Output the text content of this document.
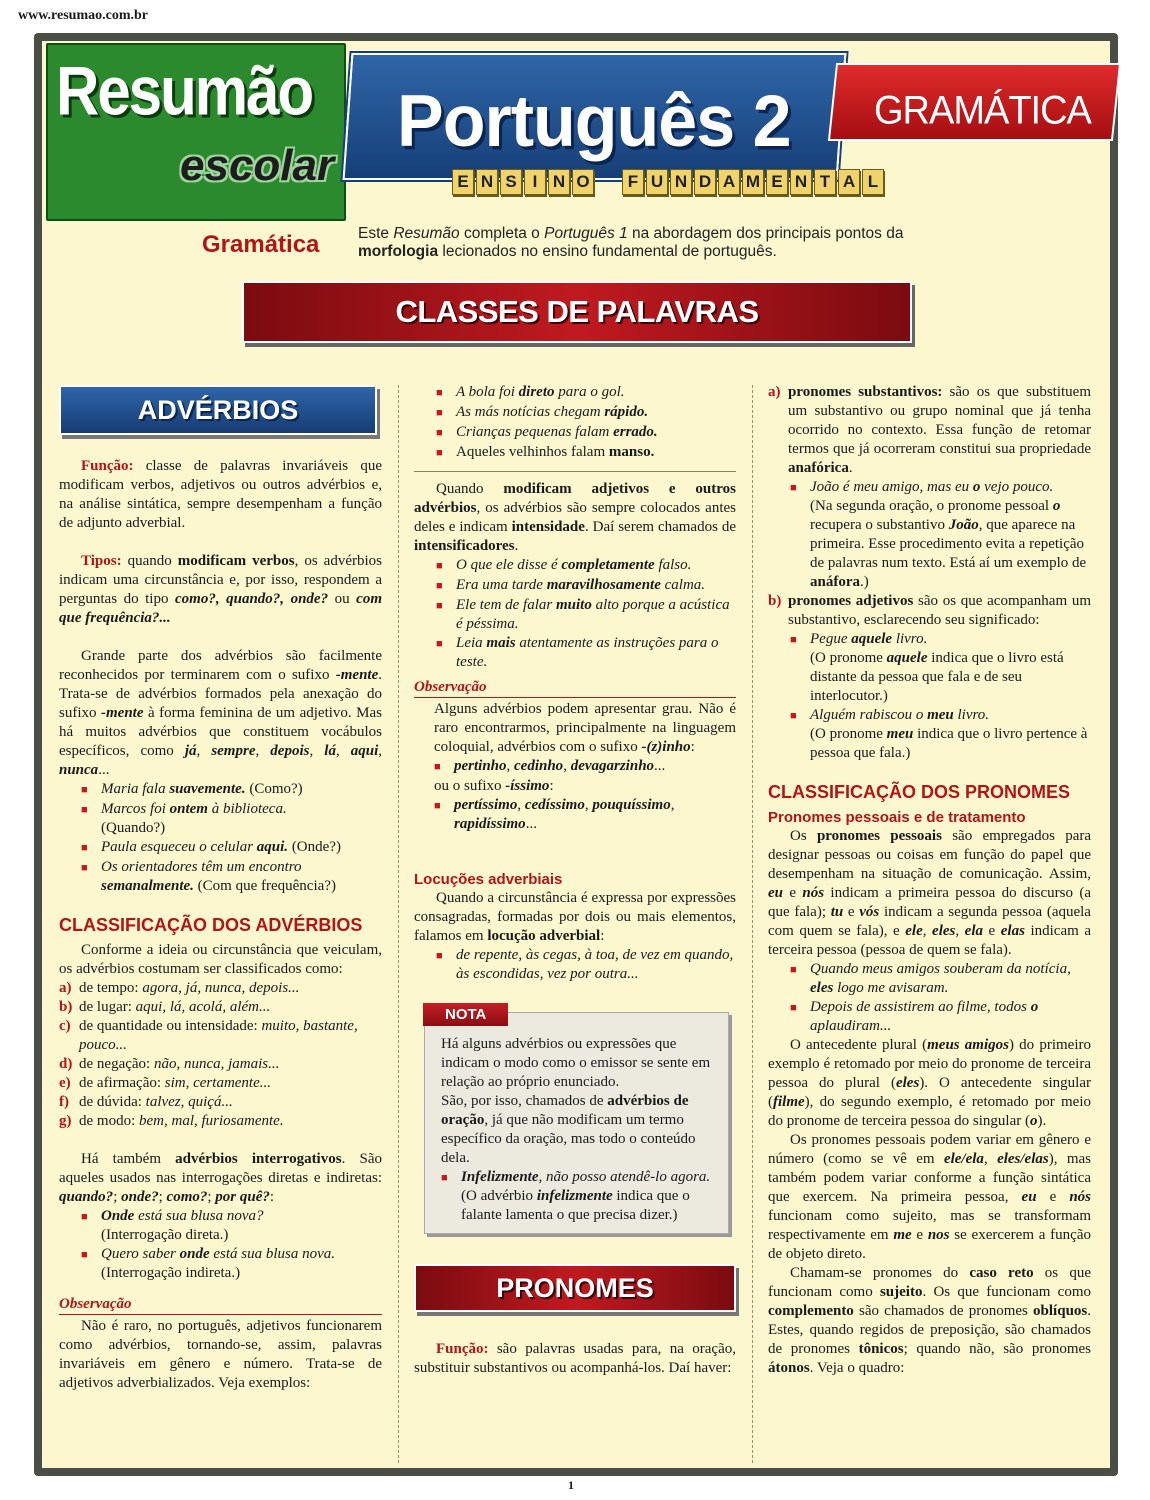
www.resumao.com.br
Resumão
escolar
Português 2 GRAMÁTICA
E N S I N O	F U N D A M E N T A L
Gramática Este Resumão completa o Português 1 na abordagem dos principais pontos da morfologia lecionados no ensino fundamental de português.
CLASSES DE PALAVRAS
ADVÉRBIOS

Função: classe de palavras invariáveis que modificam verbos, adjetivos ou outros advérbios e, na análise sintática, sempre desempenham a função de adjunto adverbial.

Tipos: quando modificam verbos, os advérbios indicam uma circunstância e, por isso, respondem a perguntas do tipo como?, quando?, onde? ou com que frequência?...

Grande parte dos advérbios são facilmente reconhecidos por terminarem com o sufixo -mente. Trata-se de advérbios formados pela anexação do sufixo -mente à forma feminina de um adjetivo. Mas há muitos advérbios que constituem vocábulos específicos, como já, sempre, depois, lá, aqui, nunca...

■ Maria fala suavemente. (Como?)
■ Marcos foi ontem à biblioteca.
(Quando?)
■ Paula esqueceu o celular aqui. (Onde?)
■ Os orientadores têm um encontro semanalmente. (Com que frequência?)
CLASSIFICAÇÃO DOS ADVÉRBIOS

Conforme a ideia ou circunstância que veiculam, os advérbios costumam ser classificados como:

a) de tempo: agora, já, nunca, depois...
b) de lugar: aqui, lá, acolá, além...
c) de quantidade ou intensidade: muito, bastante, pouco...
d) de negação: não, nunca, jamais...
e) de afirmação: sim, certamente...
f) de dúvida: talvez, quiçá...
g) de modo: bem, mal, furiosamente.

Há também advérbios interrogativos. São aqueles usados nas interrogações diretas e indiretas: quando?; onde?; como?; por quê?:

■ Onde está sua blusa nova?
(Interrogação direta.)
■ Quero saber onde está sua blusa nova.
(Interrogação indireta.)
Observação

Não é raro, no português, adjetivos funcionarem como advérbios, tornando-se, assim, palavras invariáveis em gênero e número. Trata-se de adjetivos adverbializados. Veja exemplos:

■ A bola foi direto para o gol.
■ As más notícias chegam rápido.
■ Crianças pequenas falam errado.
■ Aqueles velhinhos falam manso.

Quando modificam adjetivos e outros advérbios, os advérbios são sempre colocados antes deles e indicam intensidade. Daí serem chamados de intensificadores.

■ O que ele disse é completamente falso.
■ Era uma tarde maravilhosamente calma.
■ Ele tem de falar muito alto porque a acústica é péssima.
■ Leia mais atentamente as instruções para o teste.
Observação

Alguns advérbios podem apresentar grau. Não é raro encontrarmos, principalmente na linguagem coloquial, advérbios com o sufixo -(z)inho:

■ pertinho, cedinho, devagarzinho...

ou o sufixo -íssimo:

■ pertíssimo, cedíssimo, pouquíssimo, rapidíssimo...
Locuções adverbiais

Quando a circunstância é expressa por expressões consagradas, formadas por dois ou mais elementos, falamos em locução adverbial:

■ de repente, às cegas, à toa, de vez em quando, às escondidas, vez por outra...
NOTA

Há alguns advérbios ou expressões que indicam o modo como o emissor se sente em relação ao próprio enunciado.

São, por isso, chamados de advérbios de oração, já que não modificam um termo específico da oração, mas todo o conteúdo dela.

■ Infelizmente, não posso atendê-lo agora. (O advérbio infelizmente indica que o falante lamenta o que precisa dizer.)
PRONOMES

Função: são palavras usadas para, na oração, substituir substantivos ou acompanhá-los. Daí haver:

a) pronomes substantivos: são os que substituem um substantivo ou grupo nominal que já tenha ocorrido no contexto. Essa função de retomar termos que já ocorreram constitui sua propriedade anafórica.
■ João é meu amigo, mas eu o vejo pouco.
(Na segunda oração, o pronome pessoal o recupera o substantivo João, que aparece na primeira. Esse procedimento evita a repetição de palavras num texto. Está aí um exemplo de anáfora.)
b) pronomes adjetivos são os que acompanham um substantivo, esclarecendo seu significado:
■ Pegue aquele livro.
(O pronome aquele indica que o livro está distante da pessoa que fala e de seu interlocutor.)
■ Alguém rabiscou o meu livro.
(O pronome meu indica que o livro pertence à pessoa que fala.)
CLASSIFICAÇÃO DOS PRONOMES
Pronomes pessoais e de tratamento

Os pronomes pessoais são empregados para designar pessoas ou coisas em função do papel que desempenham na situação de comunicação. Assim, eu e nós indicam a primeira pessoa do discurso (a que fala); tu e vós indicam a segunda pessoa (aquela com quem se fala), e ele, eles, ela e elas indicam a terceira pessoa (pessoa de quem se fala).

■ Quando meus amigos souberam da notícia, eles logo me avisaram.
■ Depois de assistirem ao filme, todos o aplaudiram...

O antecedente plural (meus amigos) do primeiro exemplo é retomado por meio do pronome de terceira pessoa do plural (eles). O antecedente singular (filme), do segundo exemplo, é retomado por meio do pronome de terceira pessoa do singular (o).

Os pronomes pessoais podem variar em gênero e número (como se vê em ele/ela, eles/elas), mas também podem variar conforme a função sintática que exercem. Na primeira pessoa, eu e nós funcionam como sujeito, mas se transformam respectivamente em me e nos se exercerem a função de objeto direto.

Chamam-se pronomes do caso reto os que funcionam como sujeito. Os que funcionam como complemento são chamados de pronomes oblíquos. Estes, quando regidos de preposição, são chamados de pronomes tônicos; quando não, são pronomes átonos. Veja o quadro:

1
